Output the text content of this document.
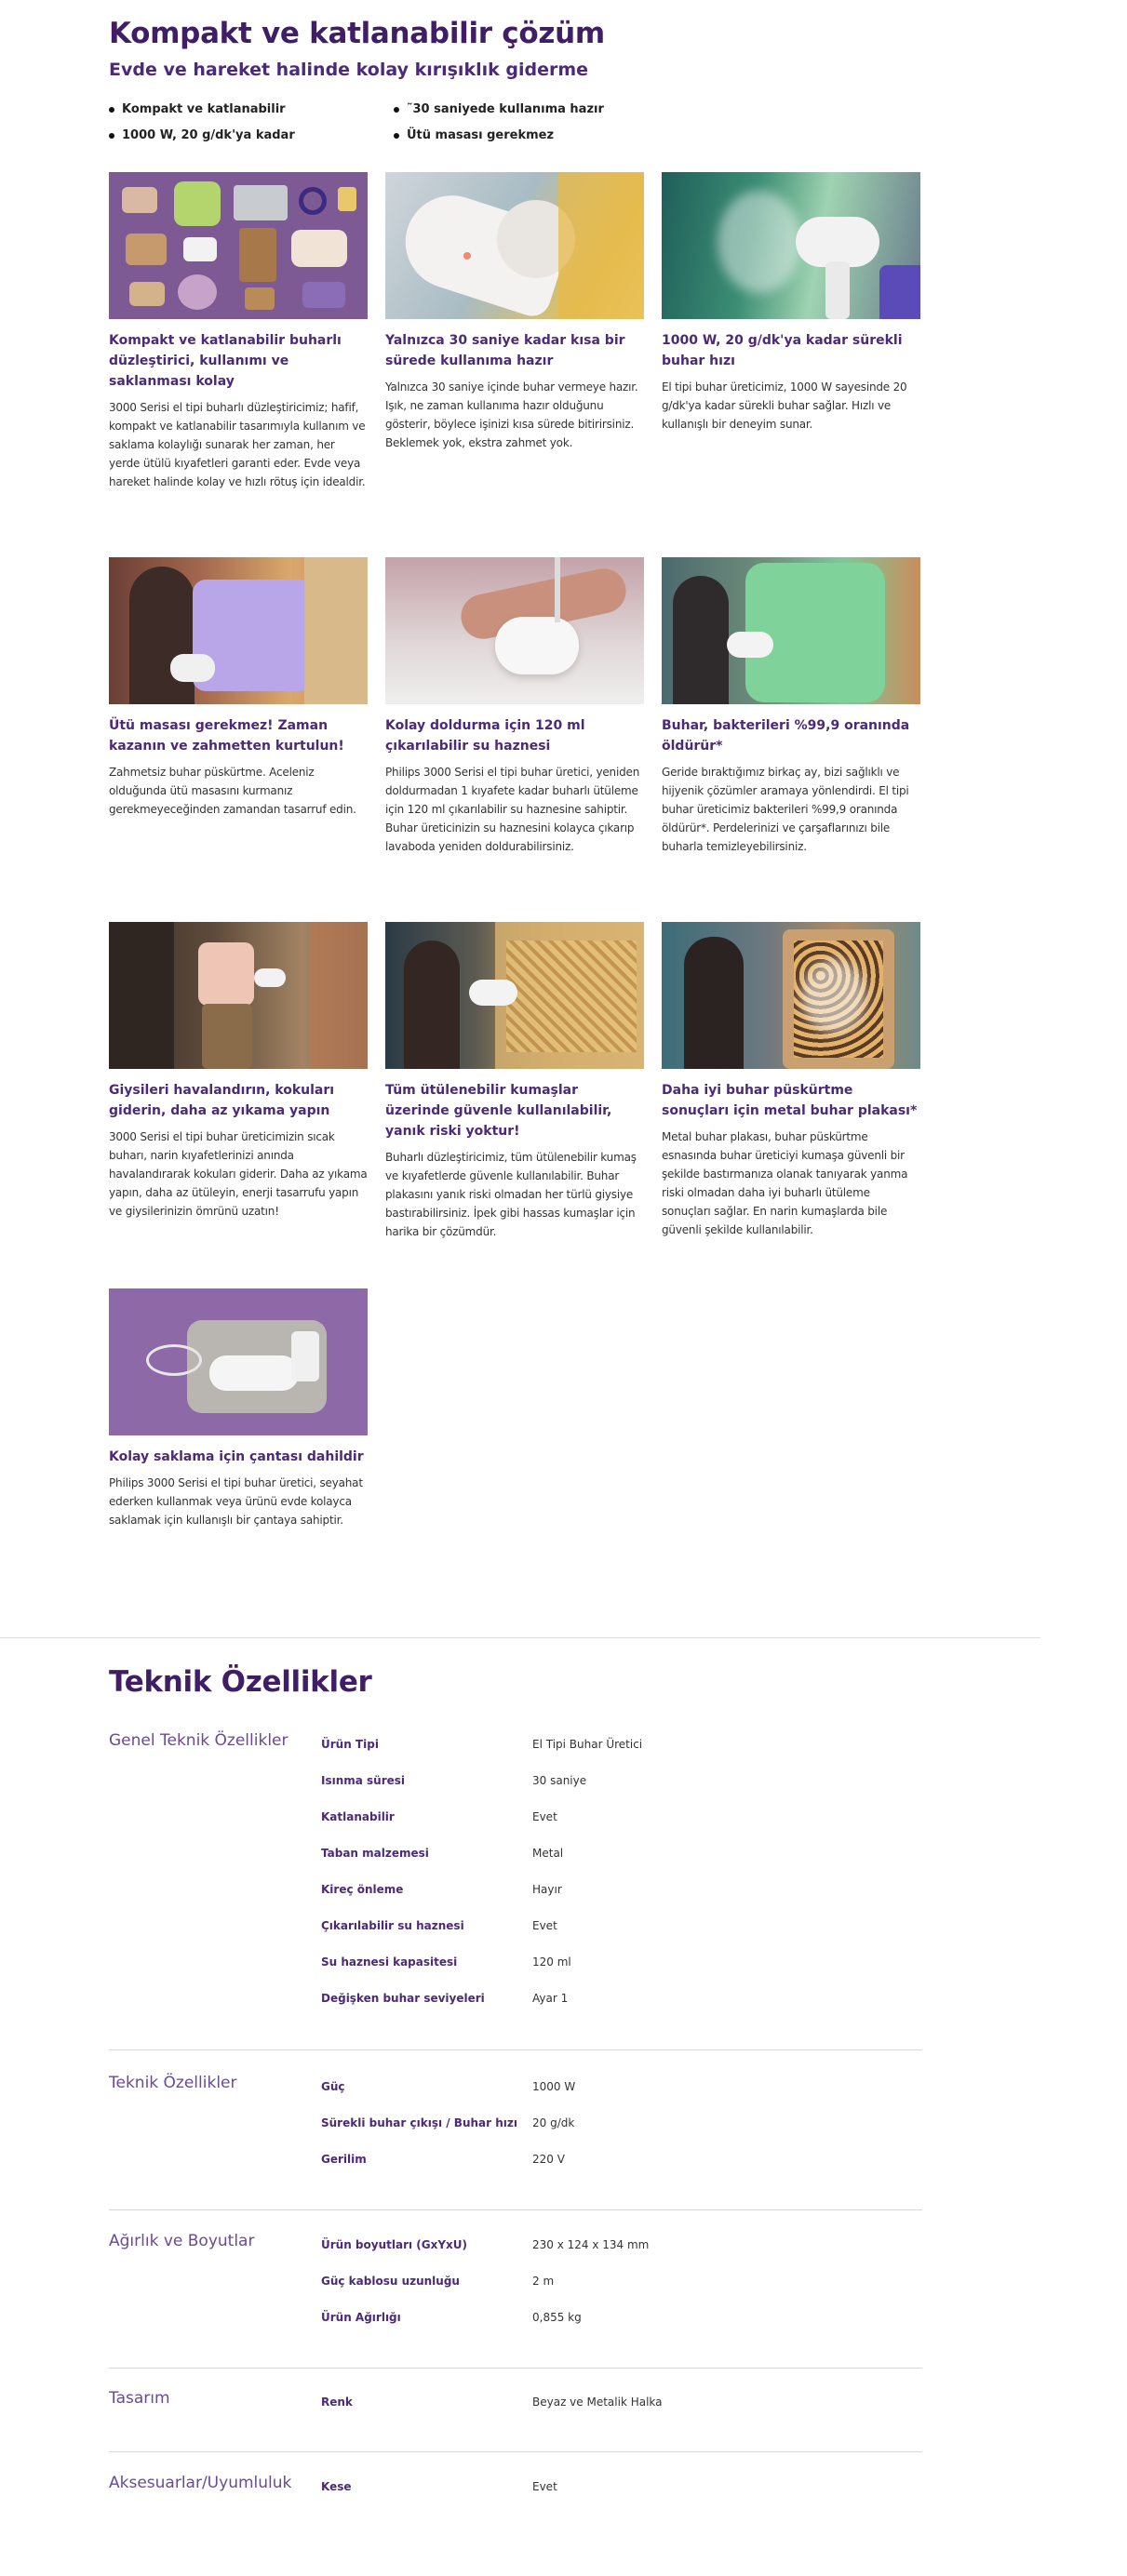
Kompakt ve katlanabilir çözüm
Evde ve hareket halinde kolay kırışıklık giderme
Kompakt ve katlanabilir	˜30 saniyede kullanıma hazır
1000 W, 20 g/dk'ya kadar	Ütü masası gerekmez
Kompakt ve katlanabilir buharlı düzleştirici, kullanımı ve saklanması kolay

3000 Serisi el tipi buharlı düzleştiricimiz; hafif, kompakt ve katlanabilir tasarımıyla kullanım ve saklama kolaylığı sunarak her zaman, her yerde ütülü kıyafetleri garanti eder. Evde veya hareket halinde kolay ve hızlı rötuş için idealdir.

Yalnızca 30 saniye kadar kısa bir sürede kullanıma hazır

Yalnızca 30 saniye içinde buhar vermeye hazır. Işık, ne zaman kullanıma hazır olduğunu gösterir, böylece işinizi kısa sürede bitirirsiniz. Beklemek yok, ekstra zahmet yok.

1000 W, 20 g/dk'ya kadar sürekli buhar hızı

El tipi buhar üreticimiz, 1000 W sayesinde 20 g/dk'ya kadar sürekli buhar sağlar. Hızlı ve kullanışlı bir deneyim sunar.

Ütü masası gerekmez! Zaman kazanın ve zahmetten kurtulun!

Zahmetsiz buhar püskürtme. Aceleniz olduğunda ütü masasını kurmanız gerekmeyeceğinden zamandan tasarruf edin.

Kolay doldurma için 120 ml çıkarılabilir su haznesi

Philips 3000 Serisi el tipi buhar üretici, yeniden doldurmadan 1 kıyafete kadar buharlı ütüleme için 120 ml çıkarılabilir su haznesine sahiptir. Buhar üreticinizin su haznesini kolayca çıkarıp lavaboda yeniden doldurabilirsiniz.

Buhar, bakterileri %99,9 oranında öldürür*

Geride bıraktığımız birkaç ay, bizi sağlıklı ve hijyenik çözümler aramaya yönlendirdi. El tipi buhar üreticimiz bakterileri %99,9 oranında öldürür*. Perdelerinizi ve çarşaflarınızı bile buharla temizleyebilirsiniz.

Giysileri havalandırın, kokuları giderin, daha az yıkama yapın

3000 Serisi el tipi buhar üreticimizin sıcak buharı, narin kıyafetlerinizi anında havalandırarak kokuları giderir. Daha az yıkama yapın, daha az ütüleyin, enerji tasarrufu yapın ve giysilerinizin ömrünü uzatın!

Tüm ütülenebilir kumaşlar üzerinde güvenle kullanılabilir, yanık riski yoktur!

Buharlı düzleştiricimiz, tüm ütülenebilir kumaş ve kıyafetlerde güvenle kullanılabilir. Buhar plakasını yanık riski olmadan her türlü giysiye bastırabilirsiniz. İpek gibi hassas kumaşlar için harika bir çözümdür.

Daha iyi buhar püskürtme sonuçları için metal buhar plakası*

Metal buhar plakası, buhar püskürtme esnasında buhar üreticiyi kumaşa güvenli bir şekilde bastırmanıza olanak tanıyarak yanma riski olmadan daha iyi buharlı ütüleme sonuçları sağlar. En narin kumaşlarda bile güvenli şekilde kullanılabilir.

Kolay saklama için çantası dahildir

Philips 3000 Serisi el tipi buhar üretici, seyahat ederken kullanmak veya ürünü evde kolayca saklamak için kullanışlı bir çantaya sahiptir.

Teknik Özellikler
Genel Teknik Özellikler	Ürün Tipi	El Tipi Buhar Üretici
Isınma süresi	30 saniye
Katlanabilir	Evet
Taban malzemesi	Metal
Kireç önleme	Hayır
Çıkarılabilir su haznesi	Evet
Su haznesi kapasitesi	120 ml
Değişken buhar seviyeleri	Ayar 1
Teknik Özellikler	Güç	1000 W
Sürekli buhar çıkışı / Buhar hızı 20 g/dk
Gerilim	220 V
Ağırlık ve Boyutlar	Ürün boyutları (GxYxU)	230 x 124 x 134 mm
Güç kablosu uzunluğu	2 m
Ürün Ağırlığı	0,855 kg
Tasarım	Renk	Beyaz ve Metalik Halka
Aksesuarlar/Uyumluluk	Kese	Evet
